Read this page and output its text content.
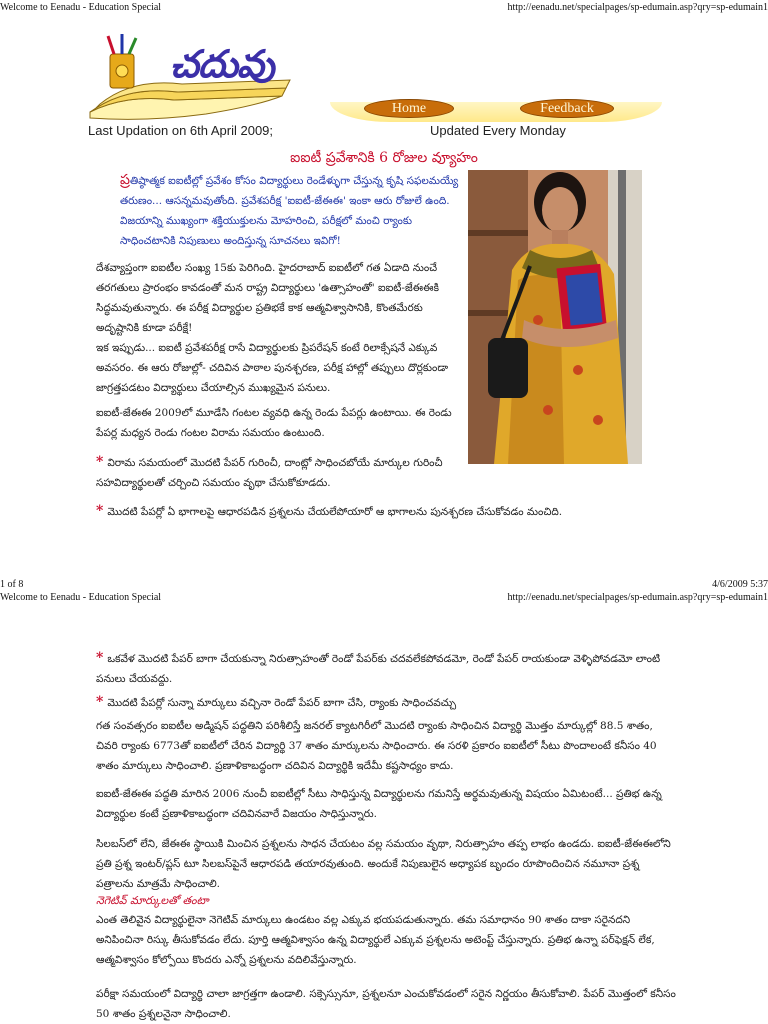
Welcome to Eenadu - Education Special	http://eenadu.net/specialpages/sp-edumain.asp?qry=sp-edumain1
చదువు
Home	Feedback
Last Updation on 6th April 2009;	Updated Every Monday
ఐఐటీ ప్రవేశానికి 6 రోజుల వ్యూహం

ప్రతిష్ఠాత్మక ఐఐటీల్లో ప్రవేశం కోసం విద్యార్థులు రెండేళ్ళుగా చేస్తున్న కృషి సఫలమయ్యే తరుణం... ఆసన్నమవుతోంది. ప్రవేశపరీక్ష 'ఐఐటీ-జేఈఈ' ఇంకా ఆరు రోజులే ఉంది. విజయాన్ని ముఖ్యంగా శక్తియుక్తులను మోహరించి, పరీక్షలో మంచి ర్యాంకు సాధించటానికి నిపుణులు అందిస్తున్న సూచనలు ఇవిగో!

దేశవ్యాప్తంగా ఐఐటీల సంఖ్య 15కు పెరిగింది. హైదరాబాద్ ఐఐటీలో గత ఏడాది నుంచే తరగతులు ప్రారంభం కావడంతో మన రాష్ట్ర విద్యార్థులు 'ఉత్సాహంతో' ఐఐటీ-జేఈఈకి సిద్ధమవుతున్నారు. ఈ పరీక్ష విద్యార్థుల ప్రతిభకే కాక ఆత్మవిశ్వాసానికి, కొంతమేరకు అదృష్టానికి కూడా పరీక్షే!

ఇక ఇప్పుడు... ఐఐటీ ప్రవేశపరీక్ష రాసే విద్యార్థులకు ప్రిపరేషన్ కంటే రిలాక్సేషనే ఎక్కువ అవసరం. ఈ ఆరు రోజుల్లో- చదివిన పాఠాల పునశ్చరణ, పరీక్ష హాల్లో తప్పులు దొర్లకుండా జాగ్రత్తపడటం విద్యార్థులు చేయాల్సిన ముఖ్యమైన పనులు.

ఐఐటీ-జేఈఈ 2009లో మూడేసి గంటల వ్యవధి ఉన్న రెండు పేపర్లు ఉంటాయి. ఈ రెండు పేపర్ల మధ్యన రెండు గంటల విరామ సమయం ఉంటుంది.

* విరామ సమయంలో మొదటి పేపర్ గురించీ, దాంట్లో సాధించబోయే మార్కుల గురించీ సహవిద్యార్థులతో చర్చించి సమయం వృథా చేసుకోకూడదు.

* మొదటి పేపర్లో ఏ భాగాలపై ఆధారపడిన ప్రశ్నలను చేయలేపోయారో ఆ భాగాలను పునశ్చరణ చేసుకోవడం మంచిది.

1 of 8	4/6/2009 5:37
Welcome to Eenadu - Education Special	http://eenadu.net/specialpages/sp-edumain.asp?qry=sp-edumain1

* ఒకవేళ మొదటి పేపర్ బాగా చేయకున్నా నిరుత్సాహంతో రెండో పేపర్‌కు చదవలేకపోవడమో, రెండో పేపర్ రాయకుండా వెళ్ళిపోవడమో లాంటి పనులు చేయవద్దు.

* మొదటి పేపర్లో సున్నా మార్కులు వచ్చినా రెండో పేపర్ బాగా చేసి, ర్యాంకు సాధించవచ్చు

గత సంవత్సరం ఐఐటీల అడ్మిషన్ పద్ధతిని పరిశీలిస్తే జనరల్ క్యాటగిరీలో మొదటి ర్యాంకు సాధించిన విద్యార్థి మొత్తం మార్కుల్లో 88.5 శాతం, చివరి ర్యాంకు 6773తో ఐఐటీలో చేరిన విద్యార్థి 37 శాతం మార్కులను సాధించారు. ఈ సరళి ప్రకారం ఐఐటీలో సీటు పొందాలంటే కనీసం 40 శాతం మార్కులు సాధించాలి. ప్రణాళికాబద్ధంగా చదివిన విద్యార్థికి ఇదేమీ కష్టసాధ్యం కాదు.

ఐఐటీ-జేఈఈ పద్ధతి మారిన 2006 నుంచీ ఐఐటీల్లో సీటు సాధిస్తున్న విద్యార్థులను గమనిస్తే అర్థమవుతున్న విషయం ఏమిటంటే... ప్రతిభ ఉన్న విద్యార్థుల కంటే ప్రణాళికాబద్ధంగా చదివినవారే విజయం సాధిస్తున్నారు.

సిలబస్‌లో లేని, జేఈఈ స్థాయికి మించిన ప్రశ్నలను సాధన చేయటం వల్ల సమయం వృథా, నిరుత్సాహం తప్ప లాభం ఉండదు. ఐఐటీ-జేఈఈలోని ప్రతి ప్రశ్న ఇంటర్/ప్లస్ టూ సిలబస్‌పైనే ఆధారపడి తయారవుతుంది. అందుకే నిపుణులైన అధ్యాపక బృందం రూపొందించిన నమూనా ప్రశ్న పత్రాలను మాత్రమే సాధించాలి.

నెగెటివ్ మార్కులతో తంటా

ఎంత తెలివైన విద్యార్థులైనా నెగెటివ్ మార్కులు ఉండటం వల్ల ఎక్కువ భయపడుతున్నారు. తమ సమాధానం 90 శాతం దాకా సరైనదని అనిపించినా రిస్కు తీసుకోవడం లేదు. పూర్తి ఆత్మవిశ్వాసం ఉన్న విద్యార్థులే ఎక్కువ ప్రశ్నలను అటెంప్ట్ చేస్తున్నారు. ప్రతిభ ఉన్నా పర్‌ఫెక్షన్ లేక, ఆత్మవిశ్వాసం కోల్పోయి కొందరు ఎన్నో ప్రశ్నలను వదిలివేస్తున్నారు.

పరీక్షా సమయంలో విద్యార్థి చాలా జాగ్రత్తగా ఉండాలి. సక్సెస్సునూ, ప్రశ్నలనూ ఎంచుకోవడంలో సరైన నిర్ణయం తీసుకోవాలి. పేపర్ మొత్తంలో కనీసం 50 శాతం ప్రశ్నలనైనా సాధించాలి.
